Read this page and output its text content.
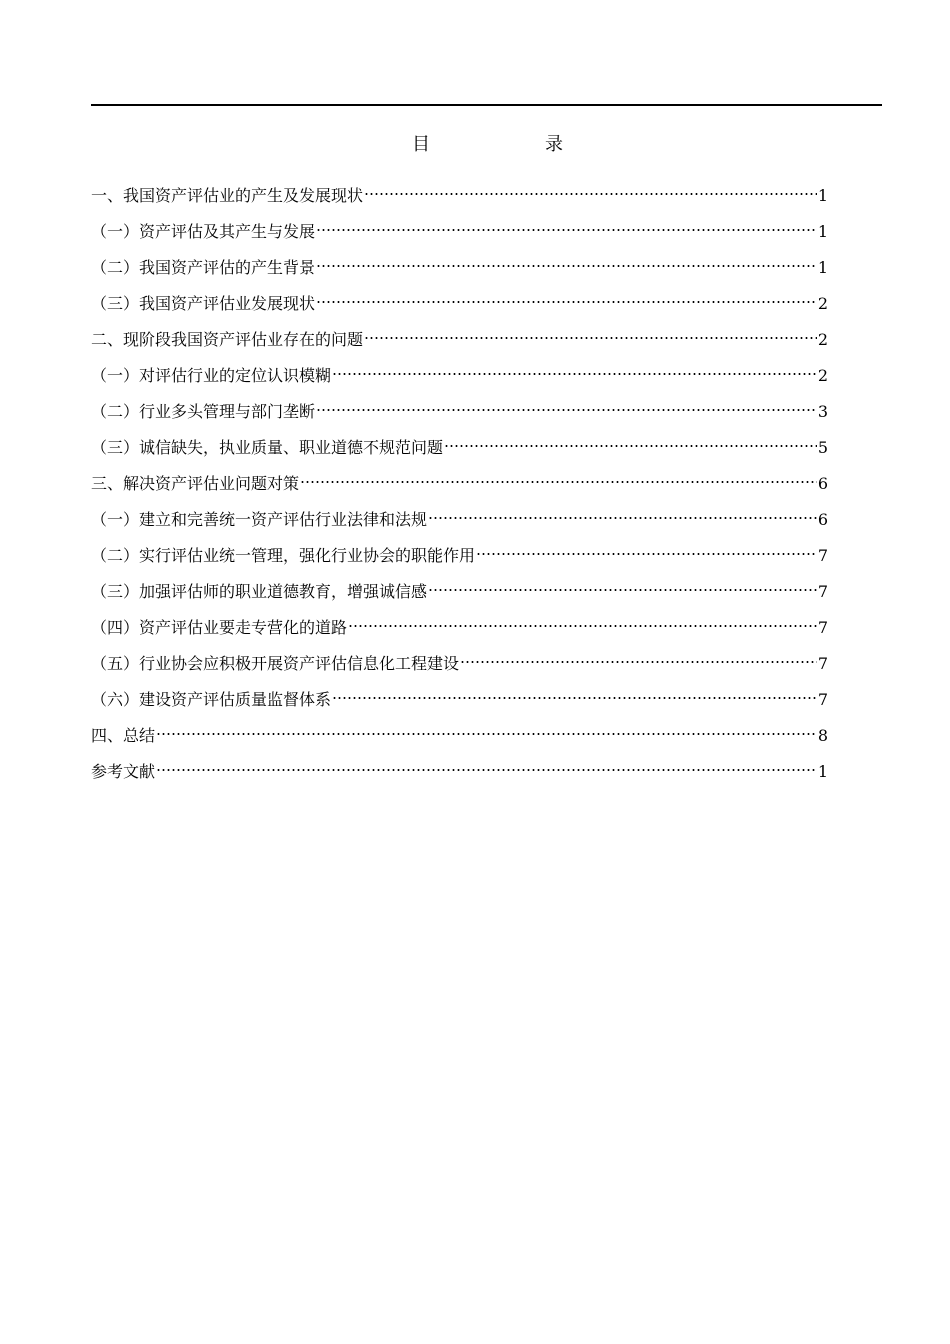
目	录
一、我国资产评估业的产生及发展现状	1
（一）资产评估及其产生与发展	1
（二）我国资产评估的产生背景	1
（三）我国资产评估业发展现状	2
二、现阶段我国资产评估业存在的问题	2
（一）对评估行业的定位认识模糊	2
（二）行业多头管理与部门垄断	3
（三）诚信缺失，执业质量、职业道德不规范问题	5
三、解决资产评估业问题对策	6
（一）建立和完善统一资产评估行业法律和法规	6
（二）实行评估业统一管理，强化行业协会的职能作用	7
（三）加强评估师的职业道德教育，增强诚信感	7
（四）资产评估业要走专营化的道路	7
（五）行业协会应积极开展资产评估信息化工程建设	7
（六）建设资产评估质量监督体系	7
四、总结	8
参考文献	1
